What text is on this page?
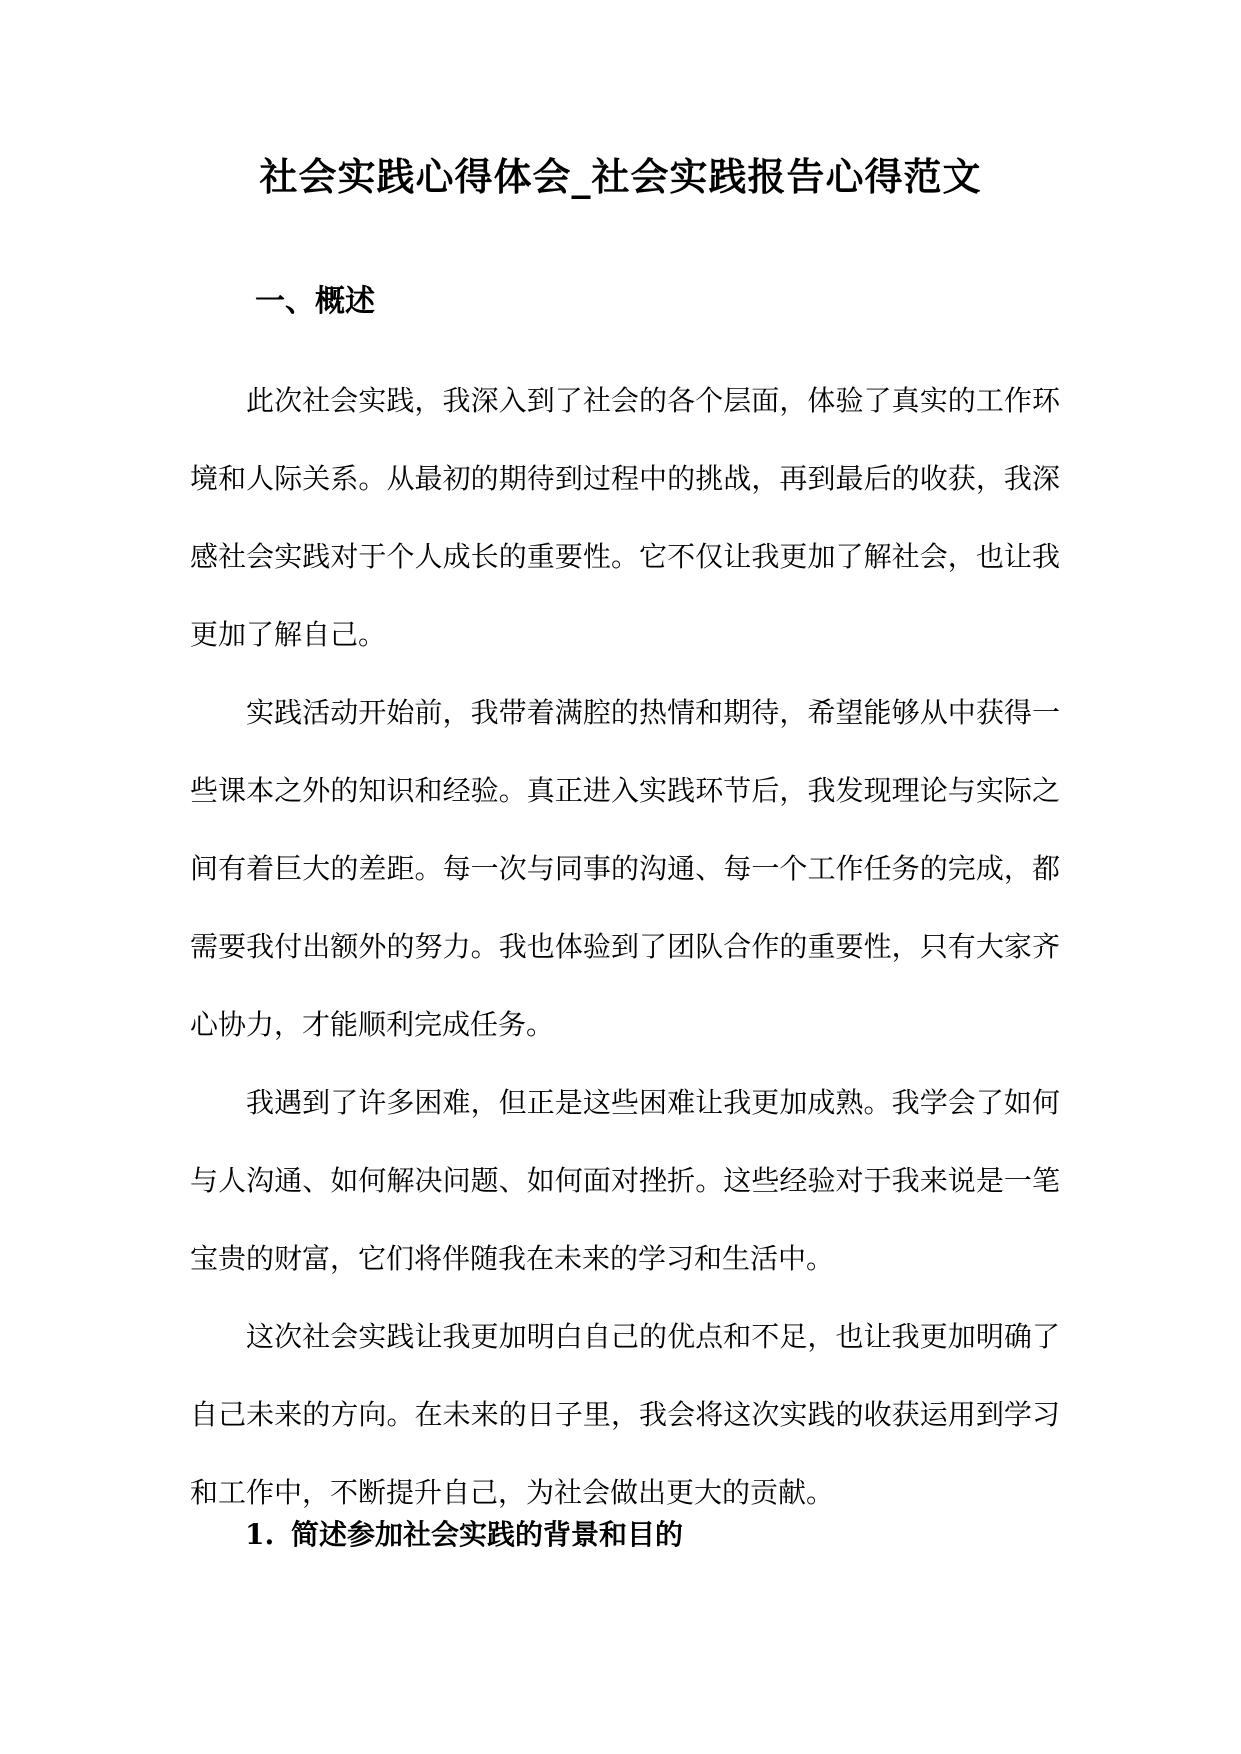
社会实践心得体会_社会实践报告心得范文
一、概述

此次社会实践，我深入到了社会的各个层面，体验了真实的工作环境和人际关系。从最初的期待到过程中的挑战，再到最后的收获，我深感社会实践对于个人成长的重要性。它不仅让我更加了解社会，也让我更加了解自己。

实践活动开始前，我带着满腔的热情和期待，希望能够从中获得一些课本之外的知识和经验。真正进入实践环节后，我发现理论与实际之间有着巨大的差距。每一次与同事的沟通、每一个工作任务的完成，都需要我付出额外的努力。我也体验到了团队合作的重要性，只有大家齐心协力，才能顺利完成任务。

我遇到了许多困难，但正是这些困难让我更加成熟。我学会了如何与人沟通、如何解决问题、如何面对挫折。这些经验对于我来说是一笔宝贵的财富，它们将伴随我在未来的学习和生活中。

这次社会实践让我更加明白自己的优点和不足，也让我更加明确了自己未来的方向。在未来的日子里，我会将这次实践的收获运用到学习和工作中，不断提升自己，为社会做出更大的贡献。

1. 简述参加社会实践的背景和目的
